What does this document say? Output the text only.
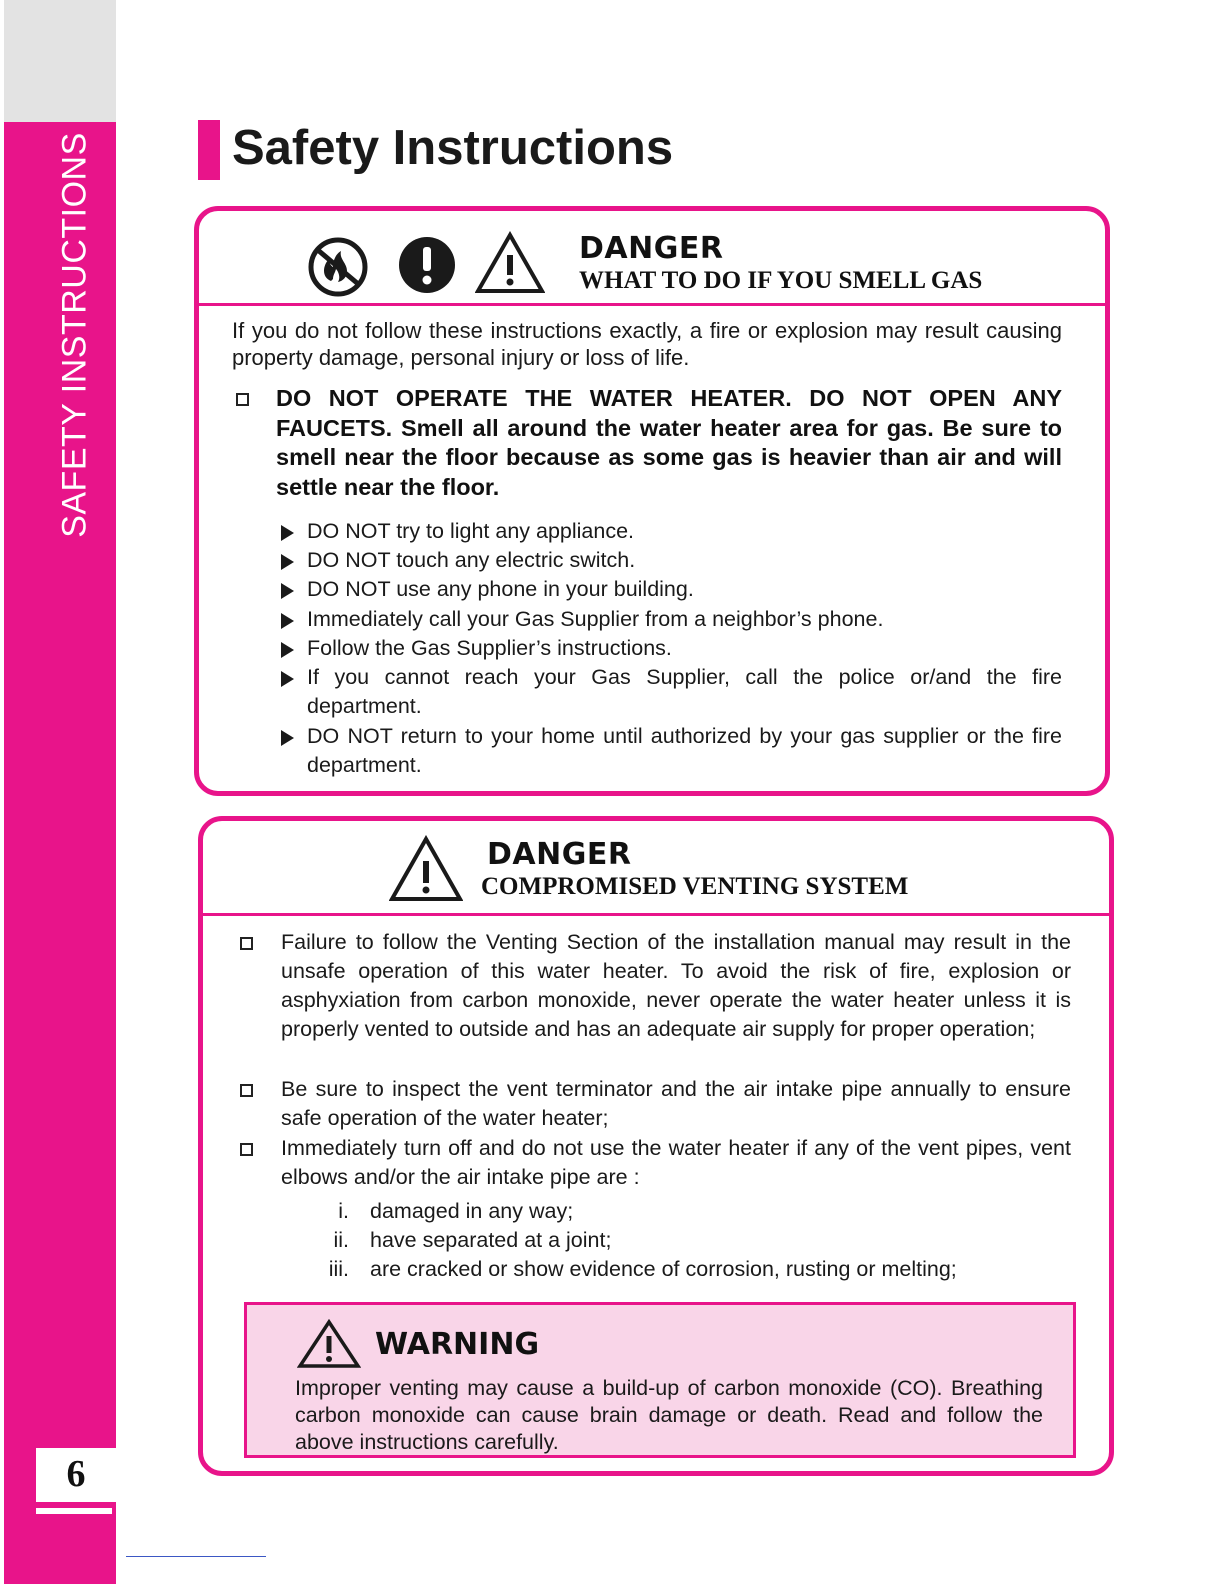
SAFETY INSTRUCTIONS
6
Safety Instructions
DANGER
WHAT TO DO IF YOU SMELL GAS
If you do not follow these instructions exactly, a fire or explosion may result causing property damage, personal injury or loss of life.
DO NOT OPERATE THE WATER HEATER. DO NOT OPEN ANY FAUCETS. Smell all around the water heater area for gas. Be sure to smell near the floor because as some gas is heavier than air and will settle near the floor.
DO NOT try to light any appliance.
DO NOT touch any electric switch.
DO NOT use any phone in your building.
Immediately call your Gas Supplier from a neighbor’s phone.
Follow the Gas Supplier’s instructions.
If you cannot reach your Gas Supplier, call the police or/and the fire department.
DO NOT return to your home until authorized by your gas supplier or the fire department.
DANGER
COMPROMISED VENTING SYSTEM
Failure to follow the Venting Section of the installation manual may result in the unsafe operation of this water heater. To avoid the risk of fire, explosion or asphyxiation from carbon monoxide, never operate the water heater unless it is properly vented to outside and has an adequate air supply for proper operation;
Be sure to inspect the vent terminator and the air intake pipe annually to ensure safe operation of the water heater;
Immediately turn off and do not use the water heater if any of the vent pipes, vent elbows and/or the air intake pipe are :
i. damaged in any way;
ii. have separated at a joint;
iii. are cracked or show evidence of corrosion, rusting or melting;
WARNING
Improper venting may cause a build-up of carbon monoxide (CO). Breathing carbon monoxide can cause brain damage or death. Read and follow the above instructions carefully.
